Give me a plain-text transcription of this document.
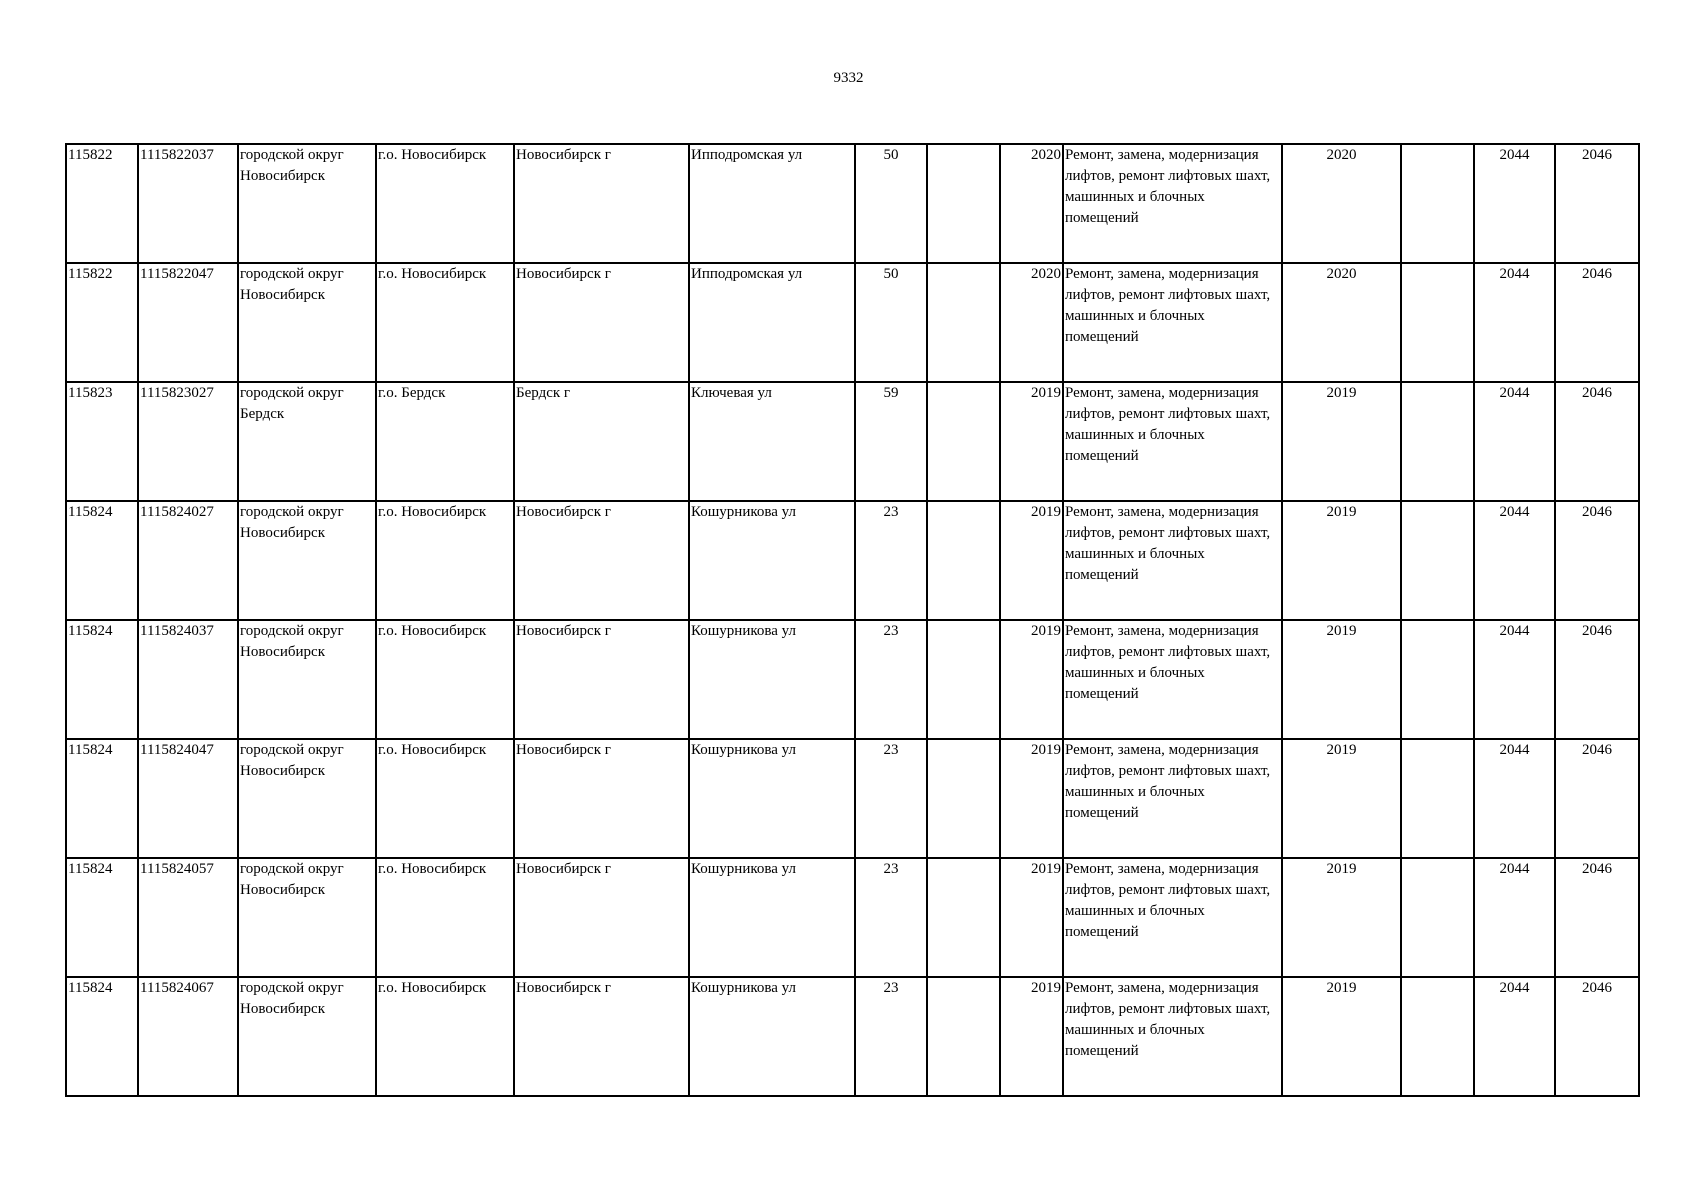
9332
115822	1115822037	городской округ Новосибирск	г.о. Новосибирск	Новосибирск г	Ипподромская ул	50		2020	Ремонт, замена, модернизация лифтов, ремонт лифтовых шахт, машинных и блочных помещений	2020		2044	2046
115822	1115822047	городской округ Новосибирск	г.о. Новосибирск	Новосибирск г	Ипподромская ул	50		2020	Ремонт, замена, модернизация лифтов, ремонт лифтовых шахт, машинных и блочных помещений	2020		2044	2046
115823	1115823027	городской округ Бердск	г.о. Бердск	Бердск г	Ключевая ул	59		2019	Ремонт, замена, модернизация лифтов, ремонт лифтовых шахт, машинных и блочных помещений	2019		2044	2046
115824	1115824027	городской округ Новосибирск	г.о. Новосибирск	Новосибирск г	Кошурникова ул	23		2019	Ремонт, замена, модернизация лифтов, ремонт лифтовых шахт, машинных и блочных помещений	2019		2044	2046
115824	1115824037	городской округ Новосибирск	г.о. Новосибирск	Новосибирск г	Кошурникова ул	23		2019	Ремонт, замена, модернизация лифтов, ремонт лифтовых шахт, машинных и блочных помещений	2019		2044	2046
115824	1115824047	городской округ Новосибирск	г.о. Новосибирск	Новосибирск г	Кошурникова ул	23		2019	Ремонт, замена, модернизация лифтов, ремонт лифтовых шахт, машинных и блочных помещений	2019		2044	2046
115824	1115824057	городской округ Новосибирск	г.о. Новосибирск	Новосибирск г	Кошурникова ул	23		2019	Ремонт, замена, модернизация лифтов, ремонт лифтовых шахт, машинных и блочных помещений	2019		2044	2046
115824	1115824067	городской округ Новосибирск	г.о. Новосибирск	Новосибирск г	Кошурникова ул	23		2019	Ремонт, замена, модернизация лифтов, ремонт лифтовых шахт, машинных и блочных помещений	2019		2044	2046
